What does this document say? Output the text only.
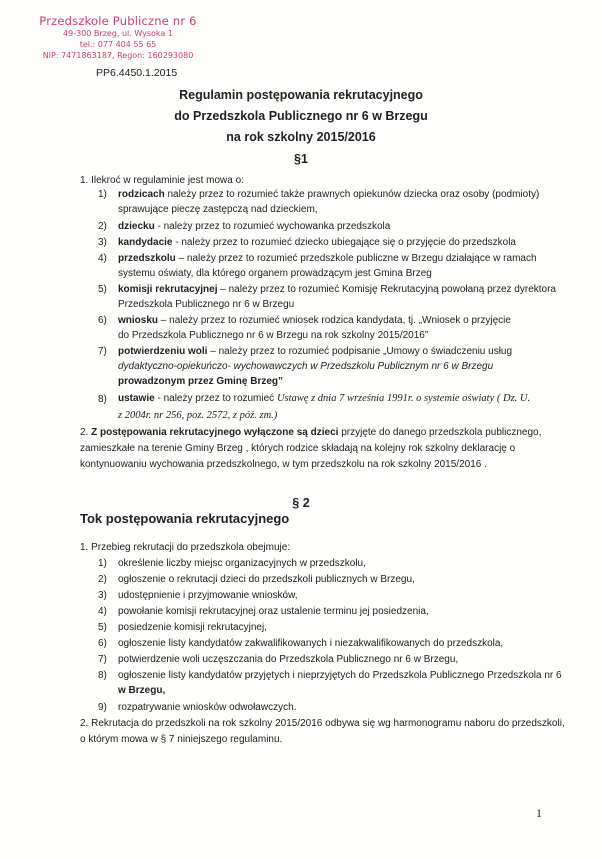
Przedszkole Publiczne nr 6
49-300 Brzeg, ul. Wysoka 1
tel.: 077 404 55 65
NIP: 7471863187, Regon: 160293080
PP6.4450.1.2015
Regulamin postępowania rekrutacyjnego
do Przedszkola Publicznego nr 6 w Brzegu
na rok szkolny 2015/2016
§1
1. Ilekroć w regulaminie jest mowa o:
1) rodzicach należy przez to rozumieć także prawnych opiekunów dziecka oraz osoby (podmioty)
sprawujące pieczę zastępczą nad dzieckiem,
2) dziecku - należy przez to rozumieć wychowanka przedszkola
3) kandydacie - należy przez to rozumieć dziecko ubiegające się o przyjęcie do przedszkola
4) przedszkolu – należy przez to rozumieć przedszkole publiczne w Brzegu działające w ramach
systemu oświaty, dla którego organem prowadzącym jest Gmina Brzeg
5) komisji rekrutacyjnej – należy przez to rozumieć Komisję Rekrutacyjną powołaną przez dyrektora
Przedszkola Publicznego nr 6 w Brzegu
6) wniosku – należy przez to rozumieć wniosek rodzica kandydata, tj. „Wniosek o przyjęcie
do Przedszkola Publicznego nr 6 w Brzegu na rok szkolny 2015/2016”
7) potwierdzeniu woli – należy przez to rozumieć podpisanie „Umowy o świadczeniu usług
dydaktyczno-opiekuńczo- wychowawczych w Przedszkolu Publicznym nr 6 w Brzegu
prowadzonym przez Gminę Brzeg”
8) ustawie - należy przez to rozumieć Ustawę z dnia 7 września 1991r. o systemie oświaty ( Dz. U.
z 2004r. nr 256, poz. 2572, z póź. zm.)
2. Z postępowania rekrutacyjnego wyłączone są dzieci przyjęte do danego przedszkola publicznego,
zamieszkałe na terenie Gminy Brzeg , których rodzice składają na kolejny rok szkolny deklarację o
kontynuowaniu wychowania przedszkolnego, w tym przedszkolu na rok szkolny 2015/2016 .
§ 2
Tok postępowania rekrutacyjnego
1. Przebieg rekrutacji do przedszkola obejmuje:
1) określenie liczby miejsc organizacyjnych w przedszkolu,
2) ogłoszenie o rekrutacji dzieci do przedszkoli publicznych w Brzegu,
3) udostępnienie i przyjmowanie wniosków,
4) powołanie komisji rekrutacyjnej oraz ustalenie terminu jej posiedzenia,
5) posiedzenie komisji rekrutacyjnej,
6) ogłoszenie listy kandydatów zakwalifikowanych i niezakwalifikowanych do przedszkola,
7) potwierdzenie woli uczęszczania do Przedszkola Publicznego nr 6 w Brzegu,
8) ogłoszenie listy kandydatów przyjętych i nieprzyjętych do Przedszkola Publicznego Przedszkola nr 6
w Brzegu,
9) rozpatrywanie wniosków odwoławczych.
2. Rekrutacja do przedszkoli na rok szkolny 2015/2016 odbywa się wg harmonogramu naboru do przedszkoli,
o którym mowa w § 7 niniejszego regulaminu.
1
